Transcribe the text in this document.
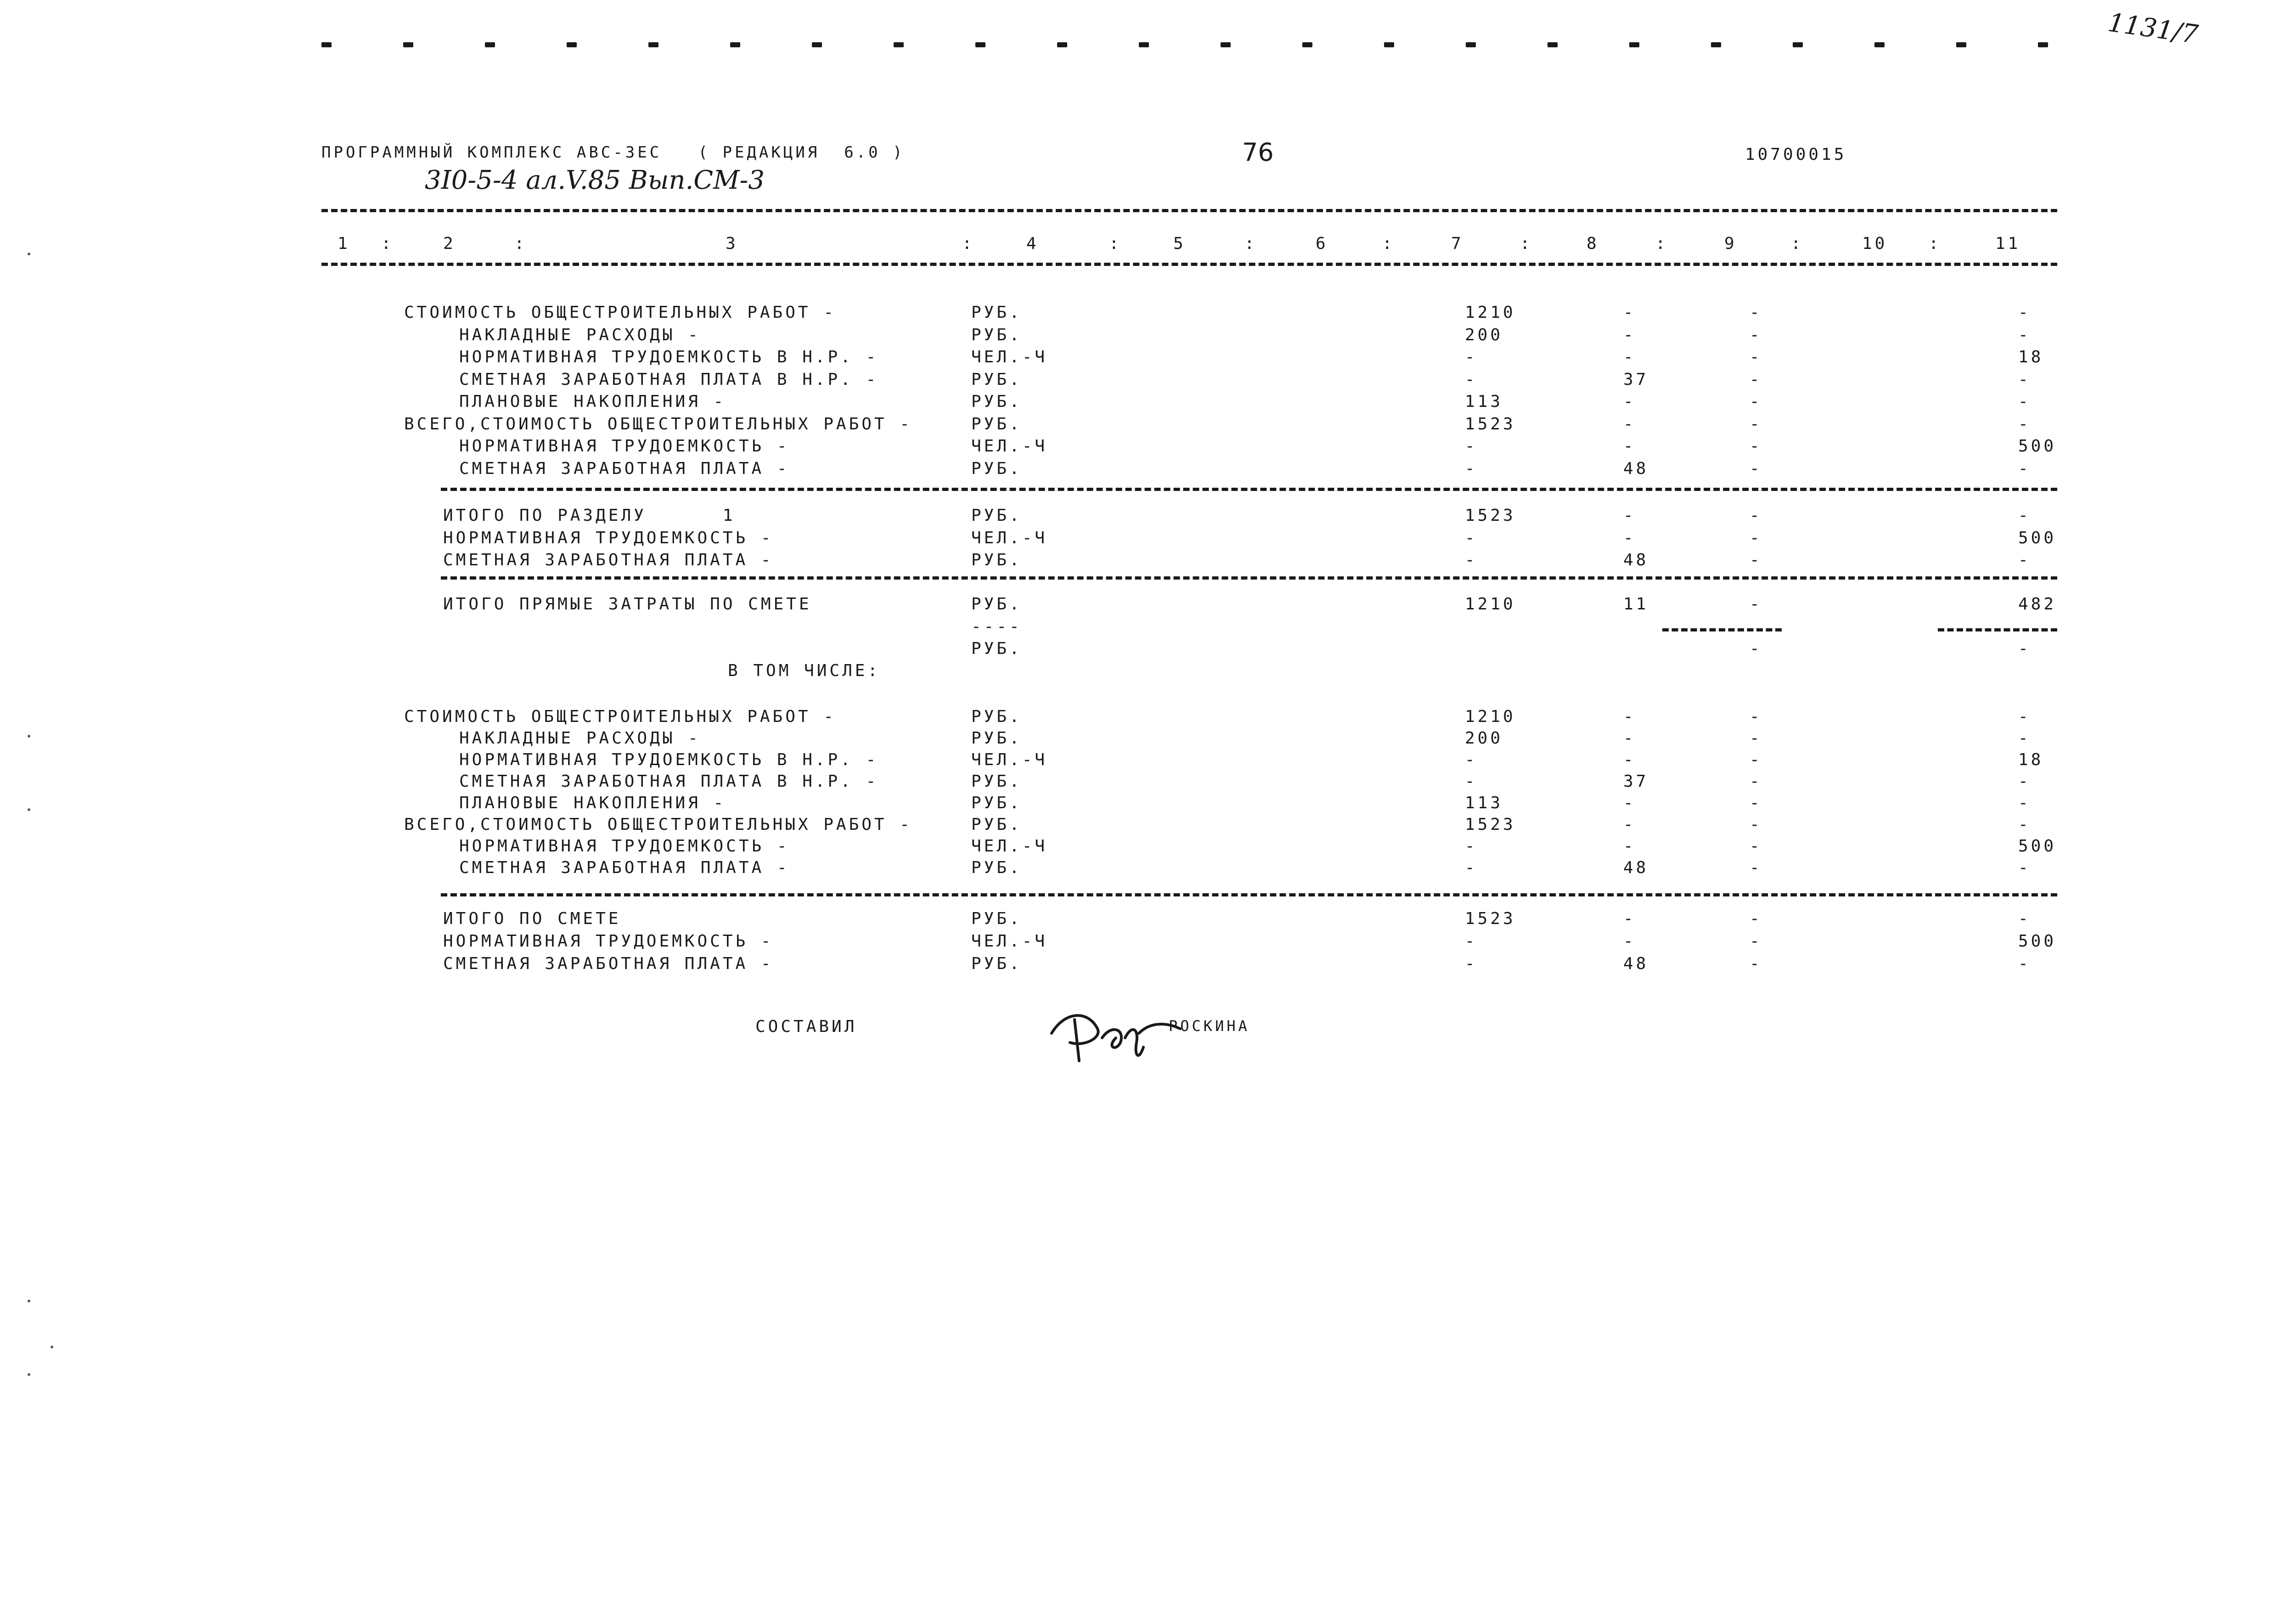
1131/7
ПРОГРАММНЫЙ КОМПЛЕКС АВС-ЗЕС   ( РЕДАКЦИЯ  6.0 )	76	10700015
3I0-5-4 ал.V.85 Вып.СМ-3
1	2	3	4	5	6	7	8	9	10	11
:	:	:	:	:	:	:	:	:	:
СТОИМОСТЬ ОБЩЕСТРОИТЕЛЬНЫХ РАБОТ -	РУБ.	1210	-	-	-
НАКЛАДНЫЕ РАСХОДЫ -	РУБ.	200	-	-	-
НОРМАТИВНАЯ ТРУДОЕМКОСТЬ В Н.Р. -	ЧЕЛ.-Ч	-	-	-	18
СМЕТНАЯ ЗАРАБОТНАЯ ПЛАТА В Н.Р. -	РУБ.	-	37	-	-
ПЛАНОВЫЕ НАКОПЛЕНИЯ -	РУБ.	113	-	-	-
ВСЕГО,СТОИМОСТЬ ОБЩЕСТРОИТЕЛЬНЫХ РАБОТ -	РУБ.	1523	-	-	-
НОРМАТИВНАЯ ТРУДОЕМКОСТЬ -	ЧЕЛ.-Ч	-	-	-	500
СМЕТНАЯ ЗАРАБОТНАЯ ПЛАТА -	РУБ.	-	48	-	-
ИТОГО ПО РАЗДЕЛУ      1	РУБ.	1523	-	-	-
НОРМАТИВНАЯ ТРУДОЕМКОСТЬ -	ЧЕЛ.-Ч	-	-	-	500
СМЕТНАЯ ЗАРАБОТНАЯ ПЛАТА -	РУБ.	-	48	-	-
ИТОГО ПРЯМЫЕ ЗАТРАТЫ ПО СМЕТЕ	РУБ.	1210	11	-	482
----
РУБ.	-	-
СТОИМОСТЬ ОБЩЕСТРОИТЕЛЬНЫХ РАБОТ -	РУБ.	1210	-	-	-
НАКЛАДНЫЕ РАСХОДЫ -	РУБ.	200	-	-	-
НОРМАТИВНАЯ ТРУДОЕМКОСТЬ В Н.Р. -	ЧЕЛ.-Ч	-	-	-	18
СМЕТНАЯ ЗАРАБОТНАЯ ПЛАТА В Н.Р. -	РУБ.	-	37	-	-
ПЛАНОВЫЕ НАКОПЛЕНИЯ -	РУБ.	113	-	-	-
ВСЕГО,СТОИМОСТЬ ОБЩЕСТРОИТЕЛЬНЫХ РАБОТ -	РУБ.	1523	-	-	-
НОРМАТИВНАЯ ТРУДОЕМКОСТЬ -	ЧЕЛ.-Ч	-	-	-	500
СМЕТНАЯ ЗАРАБОТНАЯ ПЛАТА -	РУБ.	-	48	-	-
ИТОГО ПО СМЕТЕ	РУБ.	1523	-	-	-
НОРМАТИВНАЯ ТРУДОЕМКОСТЬ -	ЧЕЛ.-Ч	-	-	-	500
СМЕТНАЯ ЗАРАБОТНАЯ ПЛАТА -	РУБ.	-	48	-	-
В ТОМ ЧИСЛЕ:
СОСТАВИЛ	РОСКИНА
